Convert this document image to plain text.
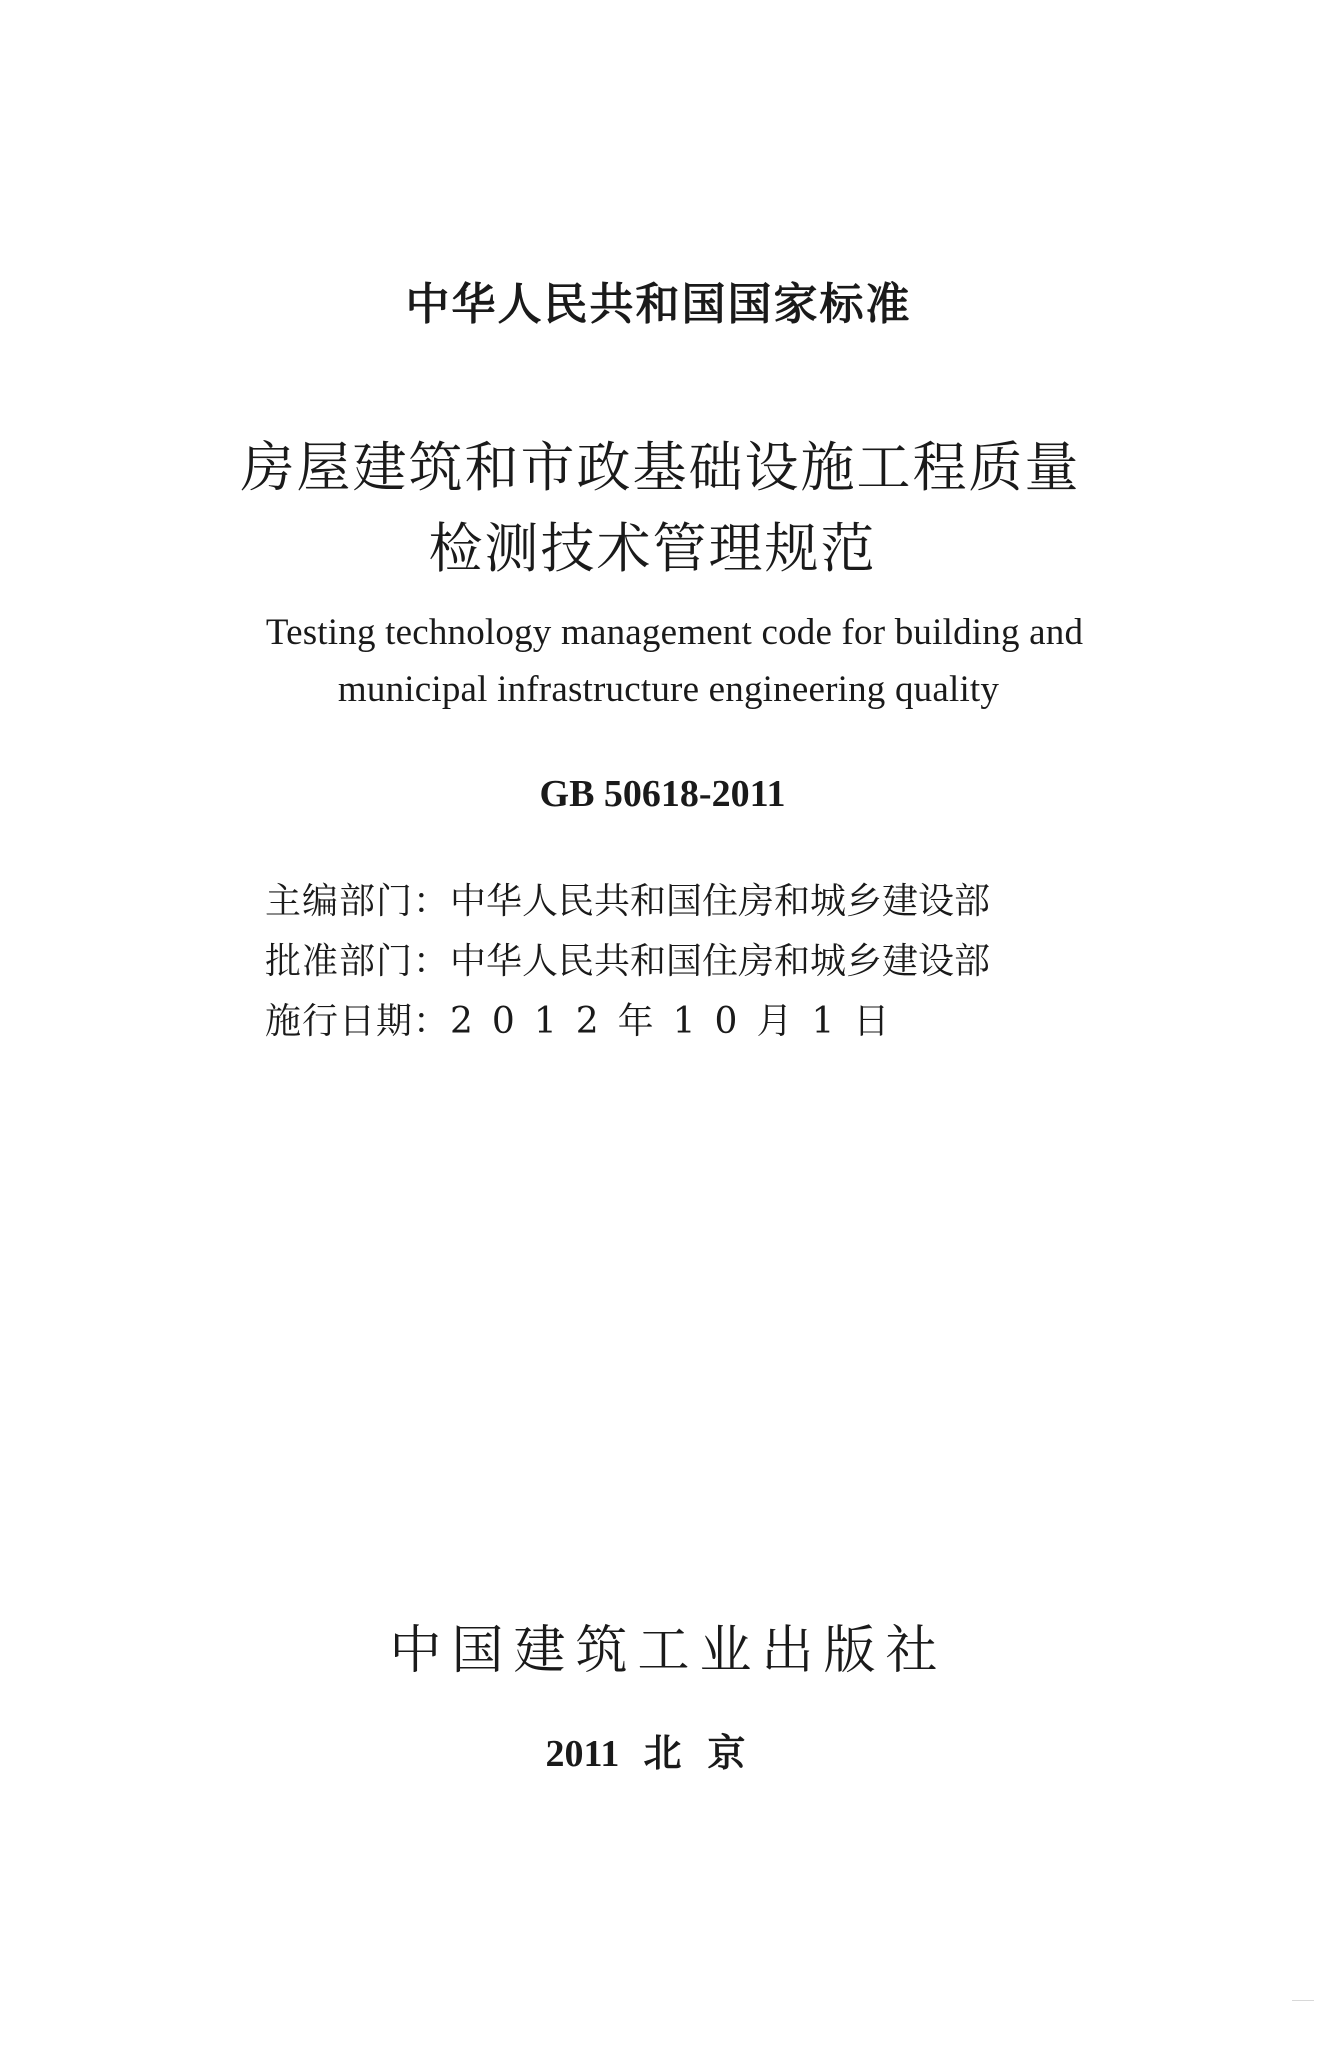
中华人民共和国国家标准
房屋建筑和市政基础设施工程质量
检测技术管理规范
Testing technology management code for building and
municipal infrastructure engineering quality
GB 50618-2011
主编部门：中华人民共和国住房和城乡建设部
批准部门：中华人民共和国住房和城乡建设部
施行日期：2012年10月1日
中国建筑工业出版社
2011 北京
